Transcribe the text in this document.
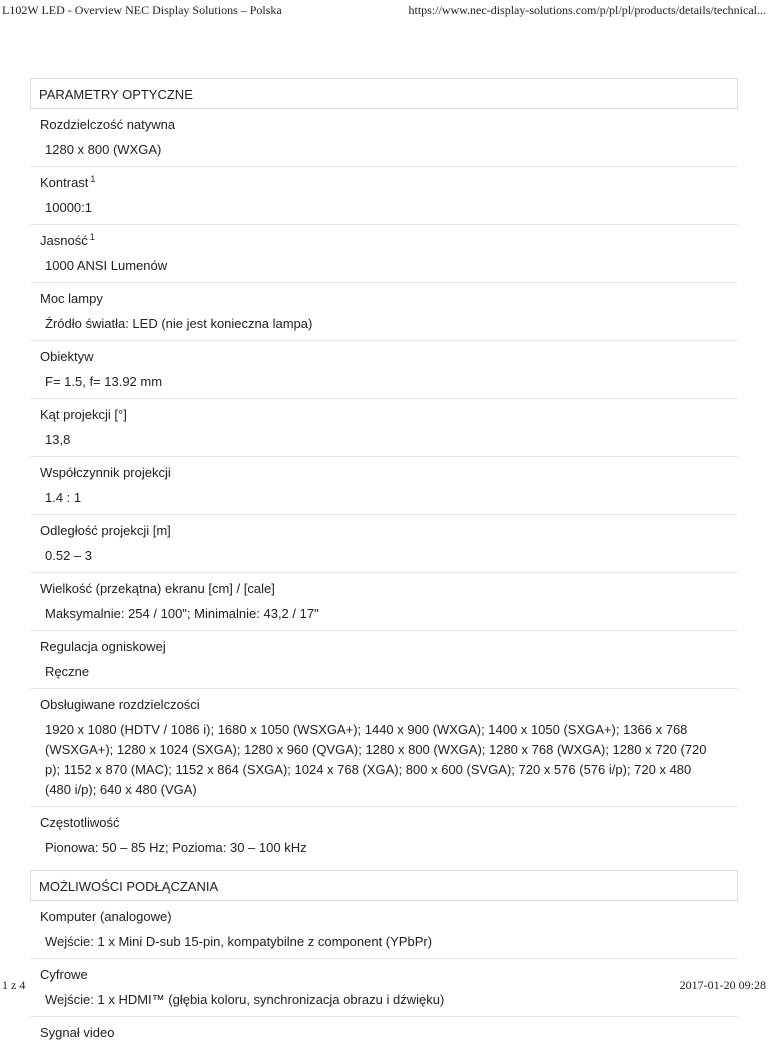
L102W LED - Overview NEC Display Solutions – Polska	https://www.nec-display-solutions.com/p/pl/pl/products/details/technical...
PARAMETRY OPTYCZNE
Rozdzielczość natywna
1280 x 800 (WXGA)
Kontrast $^1$
10000:1
Jasność $^1$
1000 ANSI Lumenów
Moc lampy
Źródło światła: LED (nie jest konieczna lampa)
Obiektyw
F= 1.5, f= 13.92 mm
Kąt projekcji [°]
13,8
Współczynnik projekcji
1.4 : 1
Odległość projekcji [m]
0.52 – 3
Wielkość (przekątna) ekranu [cm] / [cale]
Maksymalnie: 254 / 100"; Minimalnie: 43,2 / 17"
Regulacja ogniskowej
Ręczne
Obsługiwane rozdzielczości
1920 x 1080 (HDTV / 1086 i); 1680 x 1050 (WSXGA+); 1440 x 900 (WXGA); 1400 x 1050 (SXGA+); 1366 x 768 (WSXGA+); 1280 x 1024 (SXGA); 1280 x 960 (QVGA); 1280 x 800 (WXGA); 1280 x 768 (WXGA); 1280 x 720 (720 p); 1152 x 870 (MAC); 1152 x 864 (SXGA); 1024 x 768 (XGA); 800 x 600 (SVGA); 720 x 576 (576 i/p); 720 x 480 (480 i/p); 640 x 480 (VGA)
Częstotliwość
Pionowa: 50 – 85 Hz; Pozioma: 30 – 100 kHz
MOŻLIWOŚCI PODŁĄCZANIA
Komputer (analogowe)
Wejście: 1 x Mini D-sub 15-pin, kompatybilne z component (YPbPr)
Cyfrowe
Wejście: 1 x HDMI™ (głębia koloru, synchronizacja obrazu i dźwięku)
Sygnał video
1 z 4	2017-01-20 09:28
